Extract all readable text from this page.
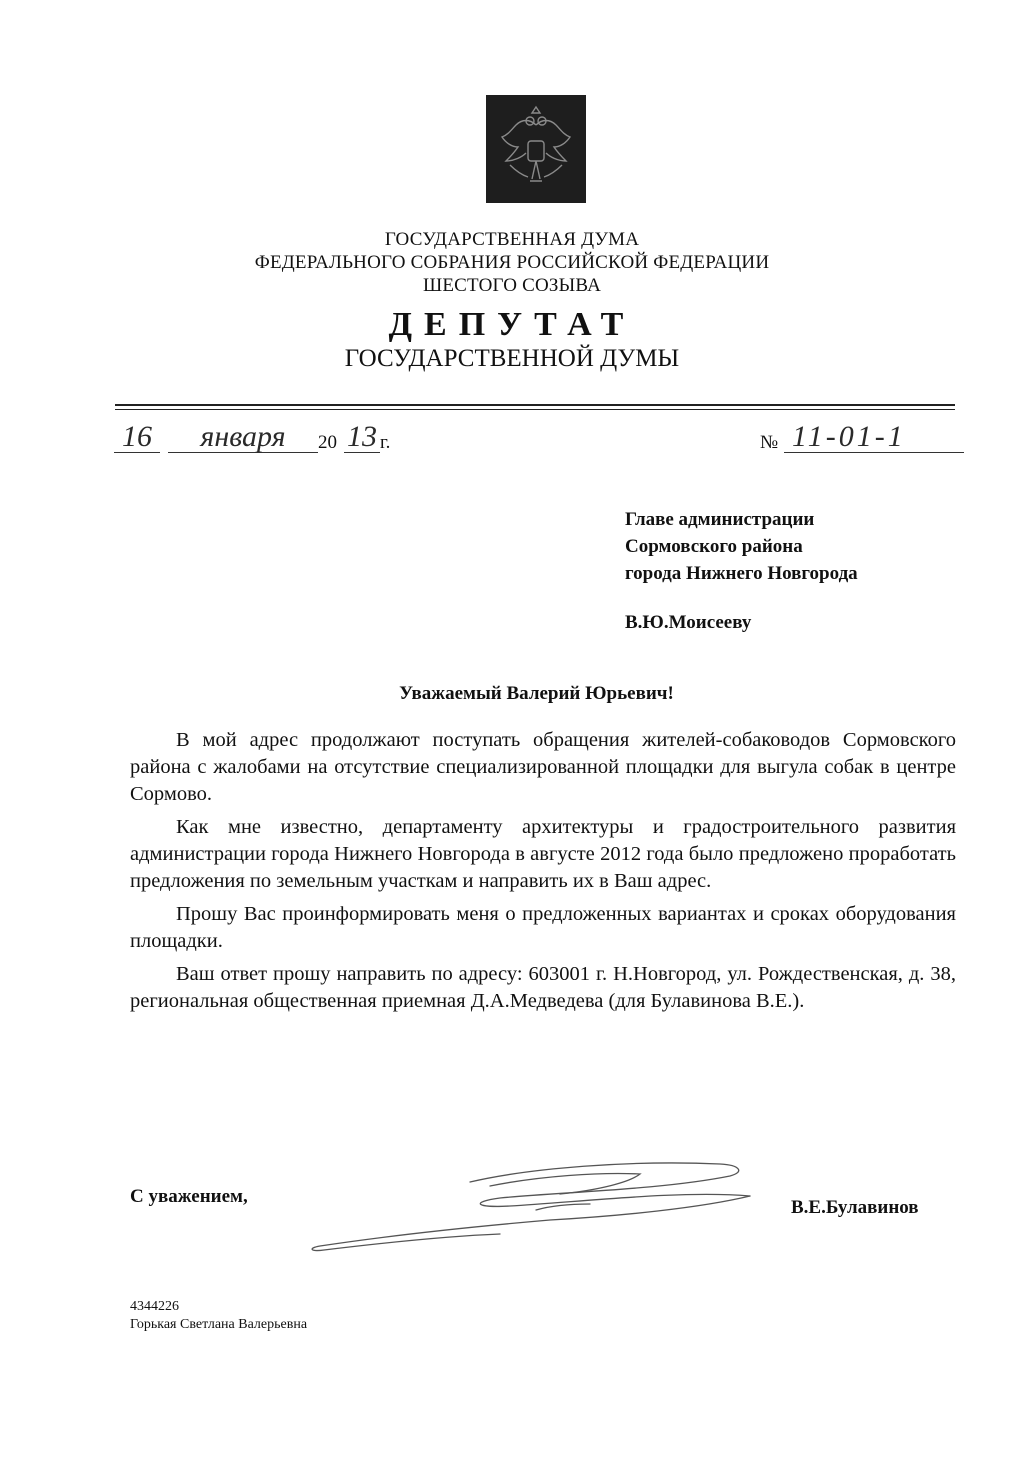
ГОСУДАРСТВЕННАЯ ДУМА
ФЕДЕРАЛЬНОГО СОБРАНИЯ РОССИЙСКОЙ ФЕДЕРАЦИИ
ШЕСТОГО СОЗЫВА
ДЕПУТАТ
ГОСУДАРСТВЕННОЙ ДУМЫ
16	января	20 13 г.	№ 11-01-1
Главе администрации
Сормовского района
города Нижнего Новгорода
В.Ю.Моисееву
Уважаемый Валерий Юрьевич!

В мой адрес продолжают поступать обращения жителей-собаководов Сормовского района с жалобами на отсутствие специализированной площадки для выгула собак в центре Сормово.

Как мне известно, департаменту архитектуры и градостроительного развития администрации города Нижнего Новгорода в августе 2012 года было предложено проработать предложения по земельным участкам и направить их в Ваш адрес.

Прошу Вас проинформировать меня о предложенных вариантах и сроках оборудования площадки.

Ваш ответ прошу направить по адресу: 603001 г. Н.Новгород, ул. Рождественская, д. 38, региональная общественная приемная Д.А.Медведева (для Булавинова В.Е.).

С уважением,
В.Е.Булавинов
4344226
Горькая Светлана Валерьевна
